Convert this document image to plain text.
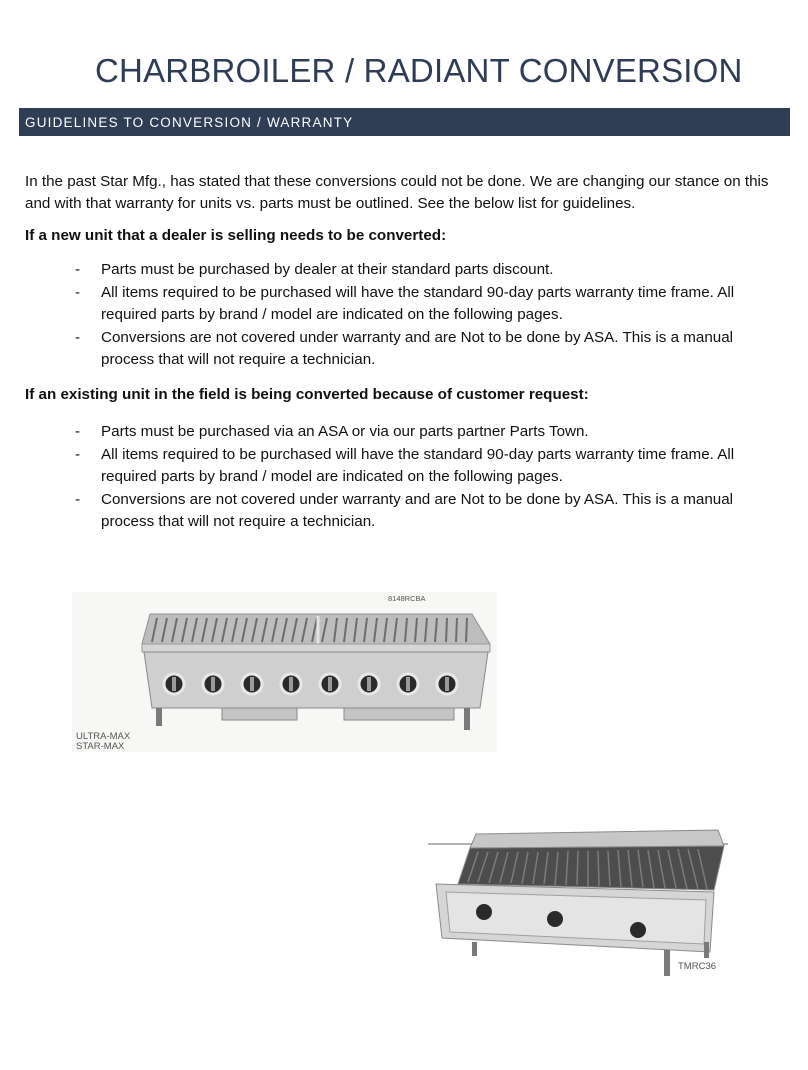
CHARBROILER / RADIANT CONVERSION
GUIDELINES TO CONVERSION / WARRANTY

In the past Star Mfg., has stated that these conversions could not be done. We are changing our stance on this and with that warranty for units vs. parts must be outlined. See the below list for guidelines.

If a new unit that a dealer is selling needs to be converted:

- Parts must be purchased by dealer at their standard parts discount.
- All items required to be purchased will have the standard 90-day parts warranty time frame. All required parts by brand / model are indicated on the following pages.
- Conversions are not covered under warranty and are Not to be done by ASA. This is a manual process that will not require a technician.

If an existing unit in the field is being converted because of customer request:

- Parts must be purchased via an ASA or via our parts partner Parts Town.
- All items required to be purchased will have the standard 90-day parts warranty time frame. All required parts by brand / model are indicated on the following pages.
- Conversions are not covered under warranty and are Not to be done by ASA. This is a manual process that will not require a technician.
8148RCBA
ULTRA-MAX
STAR-MAX
TMRC36
